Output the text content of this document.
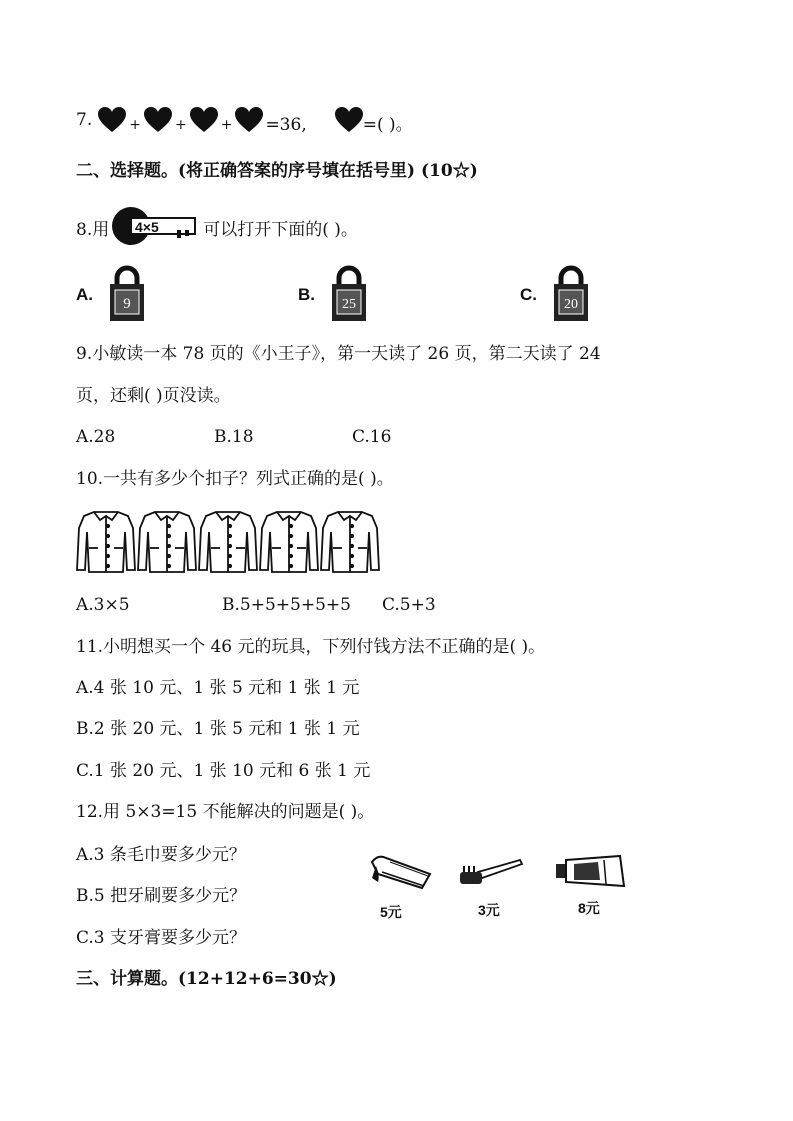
7.	+ + + =36,	=( )。
二、选择题。(将正确答案的序号填在括号里) (10☆)
8.用 4×5	可以打开下面的( )。
A. 9	B.
25
C.
20
9.小敏读一本 78 页的《小王子》，第一天读了 26 页，第二天读了 24
页，还剩( )页没读。
A.28	B.18	C.16
10.一共有多少个扣子？列式正确的是( )。
A.3×5	B.5+5+5+5+5 C.5+3
11.小明想买一个 46 元的玩具，下列付钱方法不正确的是( )。
A.4 张 10 元、1 张 5 元和 1 张 1 元
B.2 张 20 元、1 张 5 元和 1 张 1 元
C.1 张 20 元、1 张 10 元和 6 张 1 元
12.用 5×3=15 不能解决的问题是( )。
A.3 条毛巾要多少元？
B.5 把牙刷要多少元？
C.3 支牙膏要多少元？
5元	3元	8元
三、计算题。(12+12+6=30☆)
